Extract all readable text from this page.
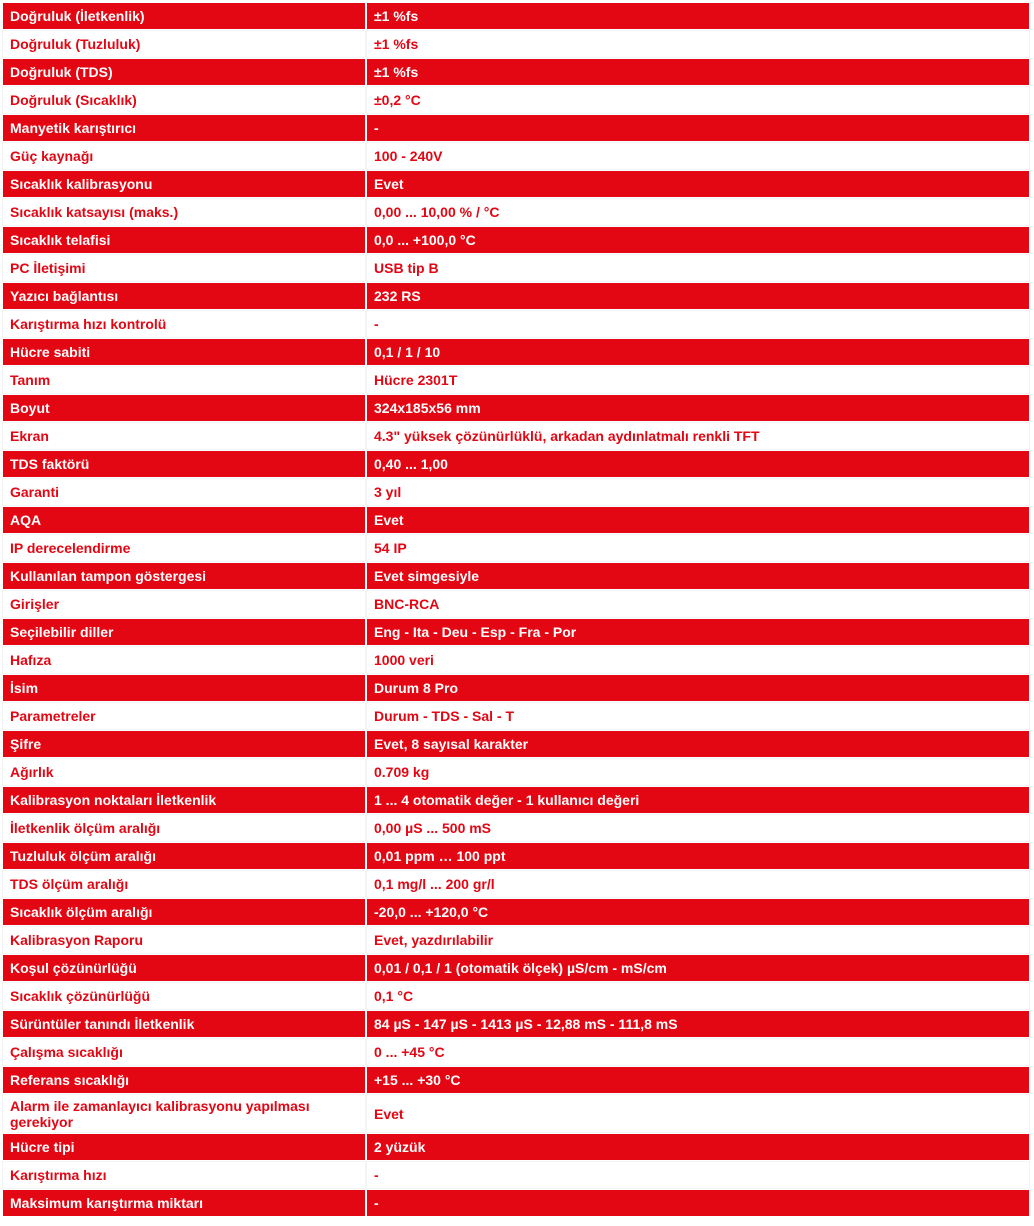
Doğruluk (İletkenlik)	±1 %fs
Doğruluk (Tuzluluk)	±1 %fs
Doğruluk (TDS)	±1 %fs
Doğruluk (Sıcaklık)	±0,2 °C
Manyetik karıştırıcı	-
Güç kaynağı	100 - 240V
Sıcaklık kalibrasyonu	Evet
Sıcaklık katsayısı (maks.)	0,00 ... 10,00 % / °C
Sıcaklık telafisi	0,0 ... +100,0 °C
PC İletişimi	USB tip B
Yazıcı bağlantısı	232 RS
Karıştırma hızı kontrolü	-
Hücre sabiti	0,1 / 1 / 10
Tanım	Hücre 2301T
Boyut	324x185x56 mm
Ekran	4.3" yüksek çözünürlüklü, arkadan aydınlatmalı renkli TFT
TDS faktörü	0,40 ... 1,00
Garanti	3 yıl
AQA	Evet
IP derecelendirme	54 IP
Kullanılan tampon göstergesi	Evet simgesiyle
Girişler	BNC-RCA
Seçilebilir diller	Eng - Ita - Deu - Esp - Fra - Por
Hafıza	1000 veri
İsim	Durum 8 Pro
Parametreler	Durum - TDS - Sal - T
Şifre	Evet, 8 sayısal karakter
Ağırlık	0.709 kg
Kalibrasyon noktaları İletkenlik	1 ... 4 otomatik değer - 1 kullanıcı değeri
İletkenlik ölçüm aralığı	0,00 µS ... 500 mS
Tuzluluk ölçüm aralığı	0,01 ppm … 100 ppt
TDS ölçüm aralığı	0,1 mg/l ... 200 gr/l
Sıcaklık ölçüm aralığı	-20,0 ... +120,0 °C
Kalibrasyon Raporu	Evet, yazdırılabilir
Koşul çözünürlüğü	0,01 / 0,1 / 1 (otomatik ölçek) µS/cm - mS/cm
Sıcaklık çözünürlüğü	0,1 °C
Sürüntüler tanındı İletkenlik	84 µS - 147 µS - 1413 µS - 12,88 mS - 111,8 mS
Çalışma sıcaklığı	0 ... +45 °C
Referans sıcaklığı	+15 ... +30 °C
Alarm ile zamanlayıcı kalibrasyonu yapılması gerekiyor	Evet
Hücre tipi	2 yüzük
Karıştırma hızı	-
Maksimum karıştırma miktarı	-
